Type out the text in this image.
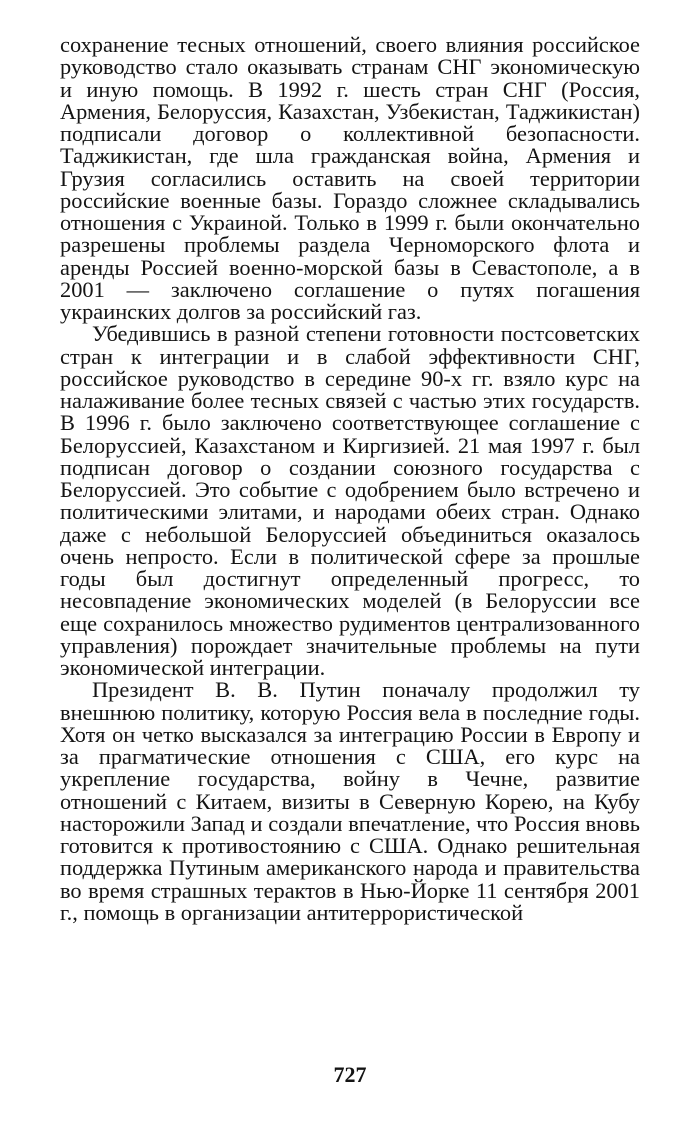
сохранение тесных отношений, своего влияния российское руководство стало оказывать странам СНГ экономическую и иную помощь. В 1992 г. шесть стран СНГ (Россия, Армения, Белоруссия, Казахстан, Узбекистан, Таджикистан) подписали договор о коллективной безопасности. Таджикистан, где шла гражданская война, Армения и Грузия согласились оставить на своей территории российские военные базы. Гораздо сложнее складывались отношения с Украиной. Только в 1999 г. были окончательно разрешены проблемы раздела Черноморского флота и аренды Россией военно-морской базы в Севастополе, а в 2001 — заключено соглашение о путях погашения украинских долгов за российский газ.

Убедившись в разной степени готовности постсоветских стран к интеграции и в слабой эффективности СНГ, российское руководство в середине 90-х гг. взяло курс на налаживание более тесных связей с частью этих государств. В 1996 г. было заключено соответствующее соглашение с Белоруссией, Казахстаном и Киргизией. 21 мая 1997 г. был подписан договор о создании союзного государства с Белоруссией. Это событие с одобрением было встречено и политическими элитами, и народами обеих стран. Однако даже с небольшой Белоруссией объединиться оказалось очень непросто. Если в политической сфере за прошлые годы был достигнут определенный прогресс, то несовпадение экономических моделей (в Белоруссии все еще сохранилось множество рудиментов централизованного управления) порождает значительные проблемы на пути экономической интеграции.

Президент В. В. Путин поначалу продолжил ту внешнюю политику, которую Россия вела в последние годы. Хотя он четко высказался за интеграцию России в Европу и за прагматические отношения с США, его курс на укрепление государства, войну в Чечне, развитие отношений с Китаем, визиты в Северную Корею, на Кубу насторожили Запад и создали впечатление, что Россия вновь готовится к противостоянию с США. Однако решительная поддержка Путиным американского народа и правительства во время страшных терактов в Нью-Йорке 11 сентября 2001 г., помощь в организации антитеррористической

727
